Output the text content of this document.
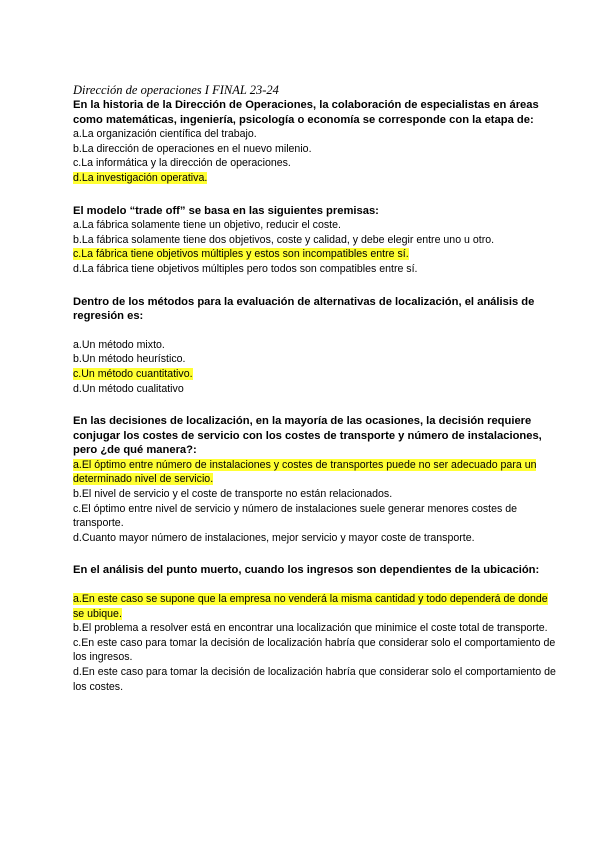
Dirección de operaciones I FINAL 23-24

En la historia de la Dirección de Operaciones, la colaboración de especialistas en áreas como matemáticas, ingeniería, psicología o economía se corresponde con la etapa de:

a.La organización científica del trabajo.
b.La dirección de operaciones en el nuevo milenio.
c.La informática y la dirección de operaciones.
d.La investigación operativa.

El modelo “trade off” se basa en las siguientes premisas:

a.La fábrica solamente tiene un objetivo, reducir el coste.
b.La fábrica solamente tiene dos objetivos, coste y calidad, y debe elegir entre uno u otro.
c.La fábrica tiene objetivos múltiples y estos son incompatibles entre sí.
d.La fábrica tiene objetivos múltiples pero todos son compatibles entre sí.

Dentro de los métodos para la evaluación de alternativas de localización, el análisis de regresión es:

a.Un método mixto.
b.Un método heurístico.
c.Un método cuantitativo.
d.Un método cualitativo

En las decisiones de localización, en la mayoría de las ocasiones, la decisión requiere conjugar los costes de servicio con los costes de transporte y número de instalaciones, pero ¿de qué manera?:

a.El óptimo entre número de instalaciones y costes de transportes puede no ser adecuado para un determinado nivel de servicio.
b.El nivel de servicio y el coste de transporte no están relacionados.
c.El óptimo entre nivel de servicio y número de instalaciones suele generar menores costes de transporte.
d.Cuanto mayor número de instalaciones, mejor servicio y mayor coste de transporte.

En el análisis del punto muerto, cuando los ingresos son dependientes de la ubicación:

a.En este caso se supone que la empresa no venderá la misma cantidad y todo dependerá de donde se ubique.
b.El problema a resolver está en encontrar una localización que minimice el coste total de transporte.
c.En este caso para tomar la decisión de localización habría que considerar solo el comportamiento de los ingresos.
d.En este caso para tomar la decisión de localización habría que considerar solo el comportamiento de los costes.
